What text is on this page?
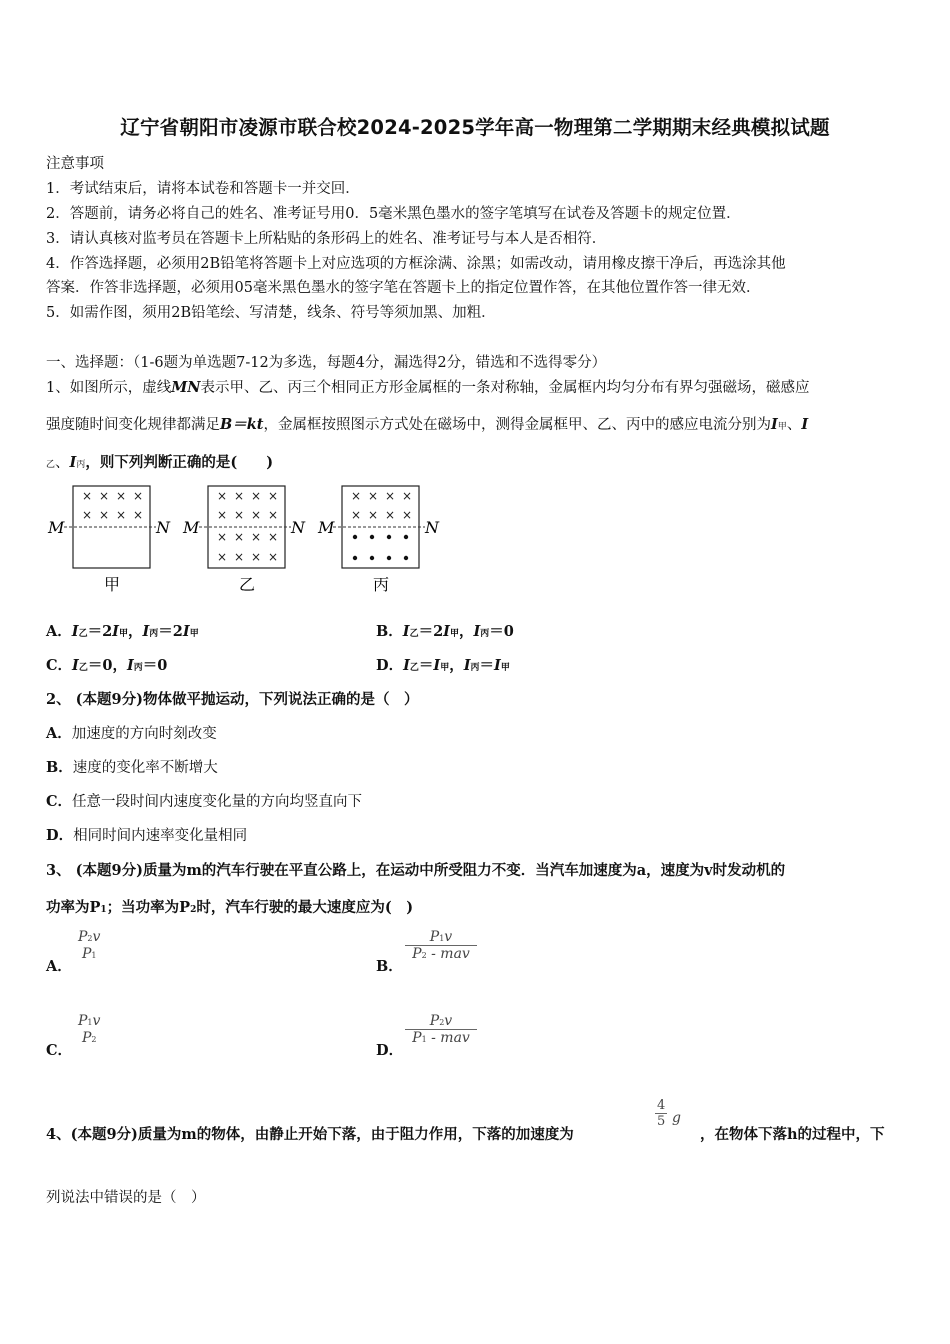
辽宁省朝阳市凌源市联合校2024-2025学年高一物理第二学期期末经典模拟试题
注意事项
1．考试结束后，请将本试卷和答题卡一并交回．
2．答题前，请务必将自己的姓名、准考证号用0．5毫米黑色墨水的签字笔填写在试卷及答题卡的规定位置．
3．请认真核对监考员在答题卡上所粘贴的条形码上的姓名、准考证号与本人是否相符．
4．作答选择题，必须用2B铅笔将答题卡上对应选项的方框涂满、涂黑；如需改动，请用橡皮擦干净后，再选涂其他
答案．作答非选择题，必须用05毫米黑色墨水的签字笔在答题卡上的指定位置作答，在其他位置作答一律无效．
5．如需作图，须用2B铅笔绘、写清楚，线条、符号等须加黑、加粗．
一、选择题：（1-6题为单选题7-12为多选，每题4分，漏选得2分，错选和不选得零分）
1、如图所示，虚线MN表示甲、乙、丙三个相同正方形金属框的一条对称轴，金属框内均匀分布有界匀强磁场，磁感应
强度随时间变化规律都满足B＝kt，金属框按照图示方式处在磁场中，测得金属框甲、乙、丙中的感应电流分别为I甲、I
乙、I丙，则下列判断正确的是(　　)
M	N
× × × ×
× × × ×
甲
M	N
× × × ×
× × × ×
× × × ×
× × × ×
乙
M	N
× × × ×
× × × ×
丙
A．I乙＝2I甲，I丙＝2I甲	B．I乙＝2I甲，I丙＝0
C．I乙＝0，I丙＝0	D．I乙＝I甲，I丙＝I甲
2、 (本题9分)物体做平抛运动，下列说法正确的是（　）
A．加速度的方向时刻改变
B．速度的变化率不断增大
C．任意一段时间内速度变化量的方向均竖直向下
D．相同时间内速率变化量相同
3、 (本题9分)质量为m的汽车行驶在平直公路上，在运动中所受阻力不变．当汽车加速度为a，速度为v时发动机的
功率为P1；当功率为P2时，汽车行驶的最大速度应为(　)
A．
P2v
P1
B．
P1v
P2 - mav
C．
P1v
P2
D．
P2v
P1 - mav
4、(本题9分)质量为m的物体，由静止开始下落，由于阻力作用，下落的加速度为
$\frac{4}{5}$ g
，在物体下落h的过程中，下
列说法中错误的是（　）
